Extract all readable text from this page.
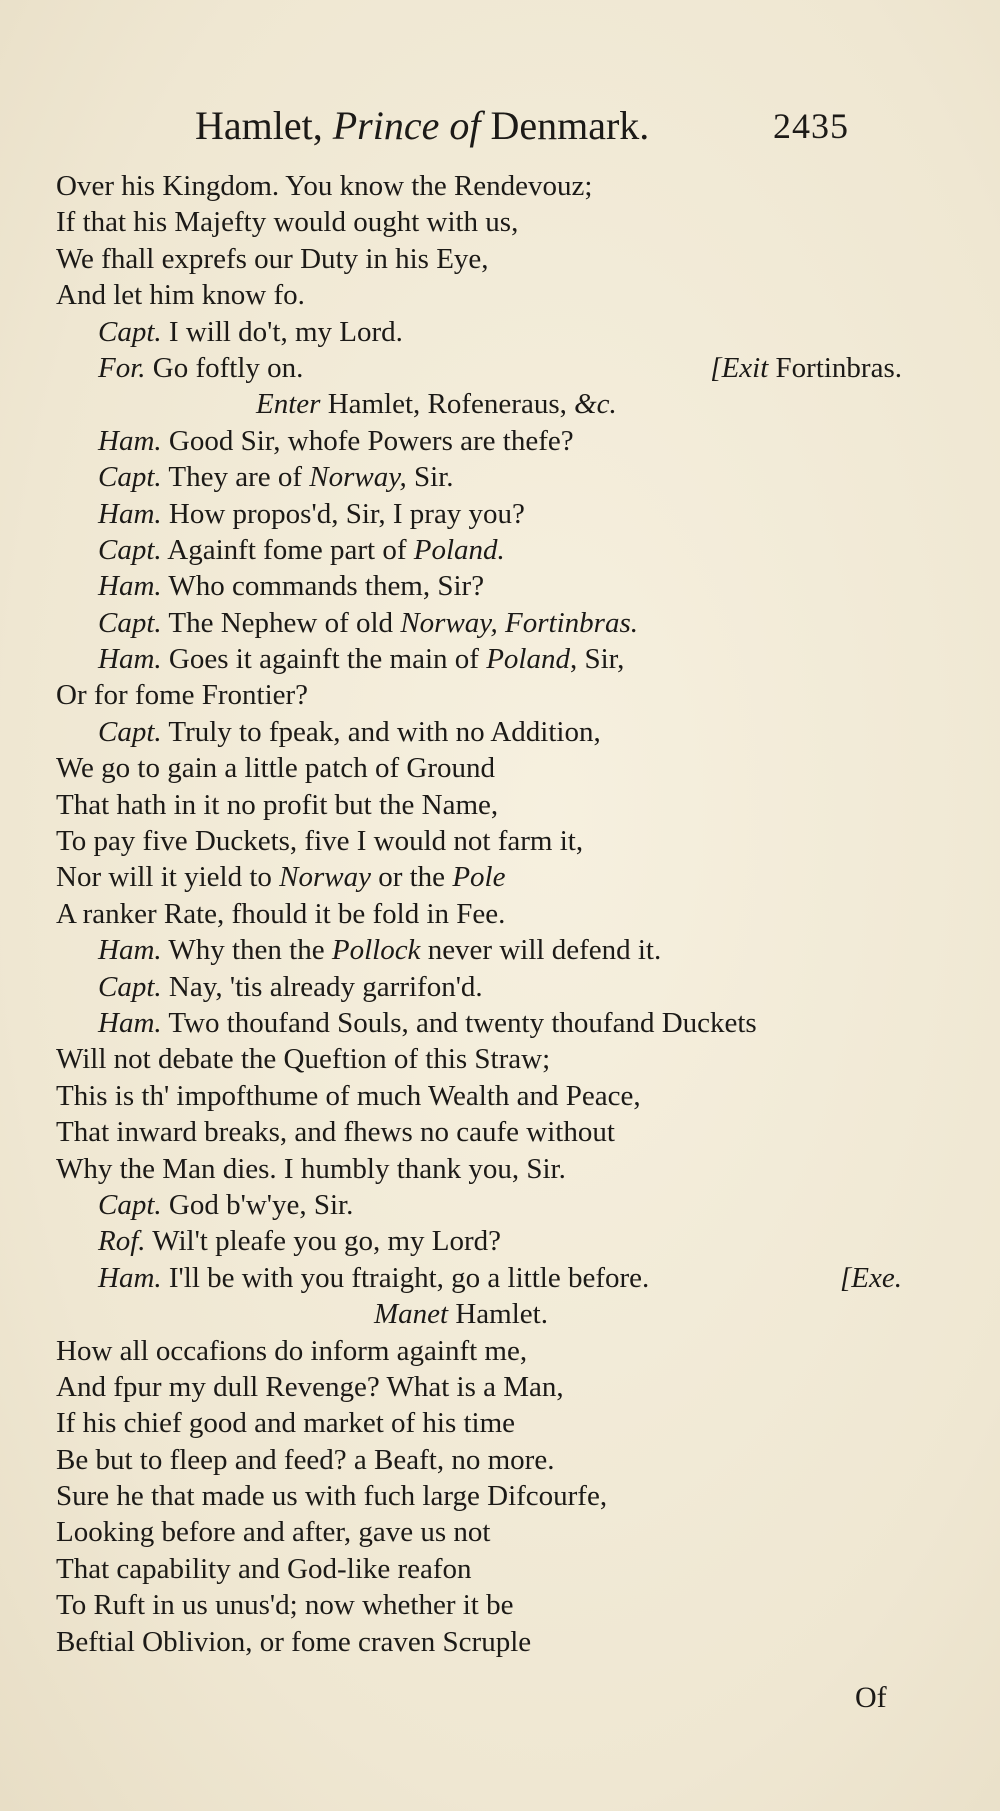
Hamlet, Prince of Denmark.	2435
Over his Kingdom. You know the Rendevouz;
If that his Majefty would ought with us,
We fhall exprefs our Duty in his Eye,
And let him know fo.
Capt. I will do't, my Lord.
For. Go foftly on.	[Exit Fortinbras.
Enter Hamlet, Rofeneraus, &c.
Ham. Good Sir, whofe Powers are thefe?
Capt. They are of Norway, Sir.
Ham. How propos'd, Sir, I pray you?
Capt. Againft fome part of Poland.
Ham. Who commands them, Sir?
Capt. The Nephew of old Norway, Fortinbras.
Ham. Goes it againft the main of Poland, Sir,
Or for fome Frontier?
Capt. Truly to fpeak, and with no Addition,
We go to gain a little patch of Ground
That hath in it no profit but the Name,
To pay five Duckets, five I would not farm it,
Nor will it yield to Norway or the Pole
A ranker Rate, fhould it be fold in Fee.
Ham. Why then the Pollock never will defend it.
Capt. Nay, 'tis already garrifon'd.
Ham. Two thoufand Souls, and twenty thoufand Duckets
Will not debate the Queftion of this Straw;
This is th' impofthume of much Wealth and Peace,
That inward breaks, and fhews no caufe without
Why the Man dies. I humbly thank you, Sir.
Capt. God b'w'ye, Sir.
Rof. Wil't pleafe you go, my Lord?
Ham. I'll be with you ftraight, go a little before.	[Exe.
Manet Hamlet.
How all occafions do inform againft me,
And fpur my dull Revenge? What is a Man,
If his chief good and market of his time
Be but to fleep and feed? a Beaft, no more.
Sure he that made us with fuch large Difcourfe,
Looking before and after, gave us not
That capability and God-like reafon
To Ruft in us unus'd; now whether it be
Beftial Oblivion, or fome craven Scruple
Of
